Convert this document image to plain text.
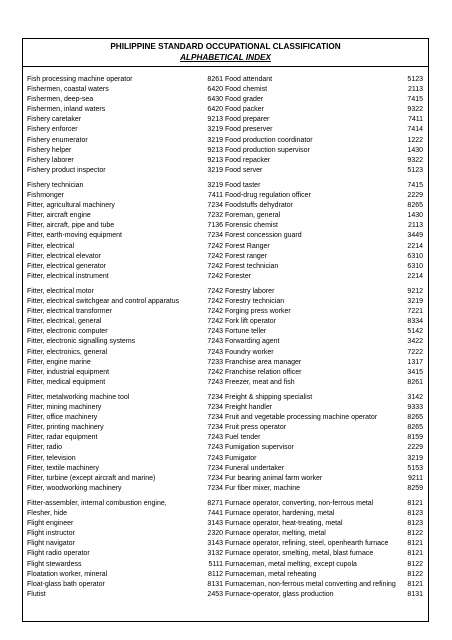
PHILIPPINE STANDARD OCCUPATIONAL CLASSIFICATION
ALPHABETICAL INDEX
Fish processing machine operator	8261
Fishermen, coastal waters	6420
Fishermen, deep-sea	6430
Fishermen, inland waters	6420
Fishery caretaker	9213
Fishery enforcer	3219
Fishery enumerator	3219
Fishery helper	9213
Fishery laborer	9213
Fishery product inspector	3219
Fishery technician	3219
Fishmonger	7411
Fitter, agricultural machinery	7234
Fitter, aircraft engine	7232
Fitter, aircraft, pipe and tube	7136
Fitter, earth-moving equipment	7234
Fitter, electrical	7242
Fitter, electrical elevator	7242
Fitter, electrical generator	7242
Fitter, electrical instrument	7242
Fitter, electrical motor	7242
Fitter, electrical switchgear and control apparatus	7242
Fitter, electrical transformer	7242
Fitter, electrical, general	7242
Fitter, electronic computer	7243
Fitter, electronic signalling systems	7243
Fitter, electronics, general	7243
Fitter, engine marine	7233
Fitter, industrial equipment	7242
Fitter, medical equipment	7243
Fitter, metalworking machine tool	7234
Fitter, mining machinery	7234
Fitter, office machinery	7234
Fitter, printing machinery	7234
Fitter, radar equipment	7243
Fitter, radio	7243
Fitter, television	7243
Fitter, textile machinery	7234
Fitter, turbine (except aircraft and marine)	7234
Fitter, woodworking machinery	7234
Fitter-assembler, internal combustion engine,	8271
Flesher, hide	7441
Flight engineer	3143
Flight instructor	2320
Flight navigator	3143
Flight radio operator	3132
Flight stewardess	5111
Floatation worker, mineral	8112
Float-glass bath operator	8131
Flutist	2453
Food attendant	5123
Food chemist	2113
Food grader	7415
Food packer	9322
Food preparer	7411
Food preserver	7414
Food production coordinator	1222
Food production supervisor	1430
Food repacker	9322
Food server	5123
Food taster	7415
Food-drug regulation officer	2229
Foodstuffs dehydrator	8265
Foreman, general	1430
Forensic chemist	2113
Forest concession guard	3449
Forest Ranger	2214
Forest ranger	6310
Forest technician	6310
Forester	2214
Forestry laborer	9212
Forestry technician	3219
Forging press worker	7221
Fork lift operator	8334
Fortune teller	5142
Forwarding agent	3422
Foundry worker	7222
Franchise area manager	1317
Franchise relation officer	3415
Freezer, meat and fish	8261
Freight & shipping specialist	3142
Freight handler	9333
Fruit and vegetable processing machine operator	8265
Fruit press operator	8265
Fuel tender	8159
Fumigation supervisor	2229
Fumigator	3219
Funeral undertaker	5153
Fur bearing animal farm worker	9211
Fur fiber mixer, machine	8259
Furnace operator, converting, non-ferrous metal	8121
Furnace operator, hardening, metal	8123
Furnace operator, heat-treating, metal	8123
Furnace operator, melting, metal	8122
Furnace operator, refining, steel, openhearth furnace	8121
Furnace operator, smelting, metal, blast furnace	8121
Furnaceman, metal melting, except cupola	8122
Furnaceman, metal reheating	8122
Furnaceman, non-ferrous metal converting and refining	8121
Furnace-operator, glass production	8131
